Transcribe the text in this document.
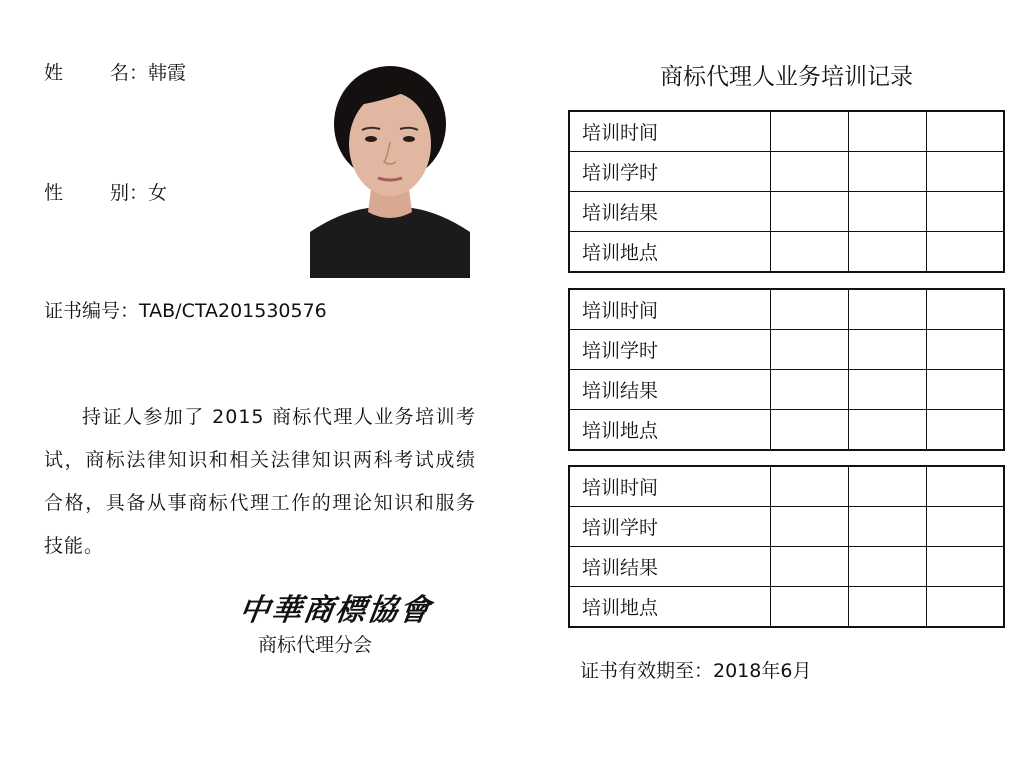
姓 名：韩霞
性 别：女
证书编号：TAB/CTA201530576
持证人参加了 2015 商标代理人业务培训考试，商标法律知识和相关法律知识两科考试成绩合格，具备从事商标代理工作的理论知识和服务技能。
中華商標協會
商标代理分会
商标代理人业务培训记录
培训时间			
培训学时			
培训结果			
培训地点			
培训时间			
培训学时			
培训结果			
培训地点			
培训时间			
培训学时			
培训结果			
培训地点			
证书有效期至：2018年6月
